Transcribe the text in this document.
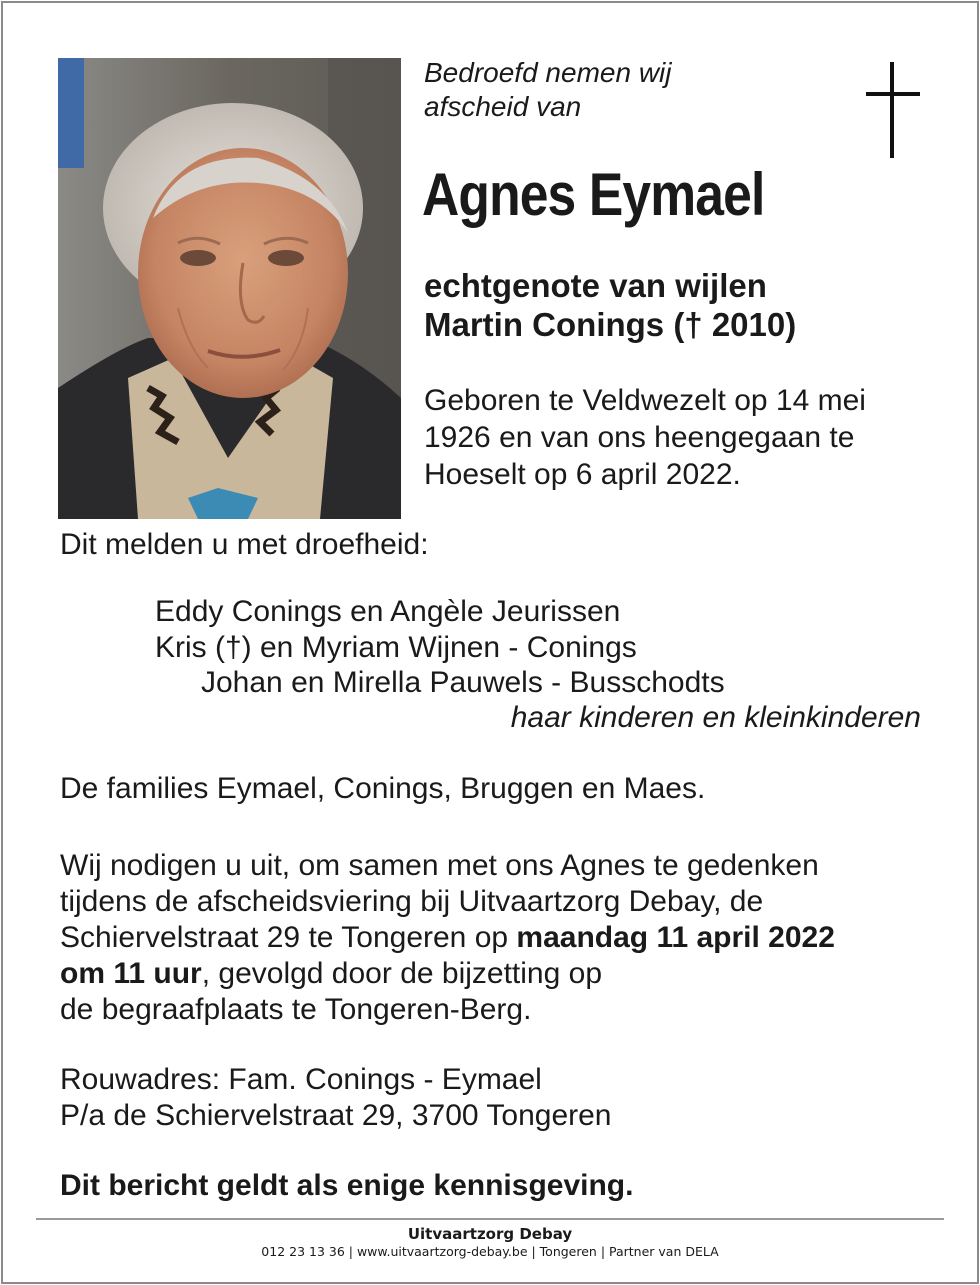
Bedroefd nemen wij
afscheid van
Agnes Eymael
echtgenote van wijlen
Martin Conings († 2010)
Geboren te Veldwezelt op 14 mei
1926 en van ons heengegaan te
Hoeselt op 6 april 2022.
Dit melden u met droefheid:
Eddy Conings en Angèle Jeurissen
Kris (†) en Myriam Wijnen - Conings
Johan en Mirella Pauwels - Busschodts
haar kinderen en kleinkinderen
De families Eymael, Conings, Bruggen en Maes.
Wij nodigen u uit, om samen met ons Agnes te gedenken
tijdens de afscheidsviering bij Uitvaartzorg Debay, de
Schiervelstraat 29 te Tongeren op maandag 11 april 2022
om 11 uur, gevolgd door de bijzetting op
de begraafplaats te Tongeren-Berg.
Rouwadres: Fam. Conings - Eymael
P/a de Schiervelstraat 29, 3700 Tongeren
Dit bericht geldt als enige kennisgeving.
Uitvaartzorg Debay
012 23 13 36 | www.uitvaartzorg-debay.be | Tongeren | Partner van DELA
